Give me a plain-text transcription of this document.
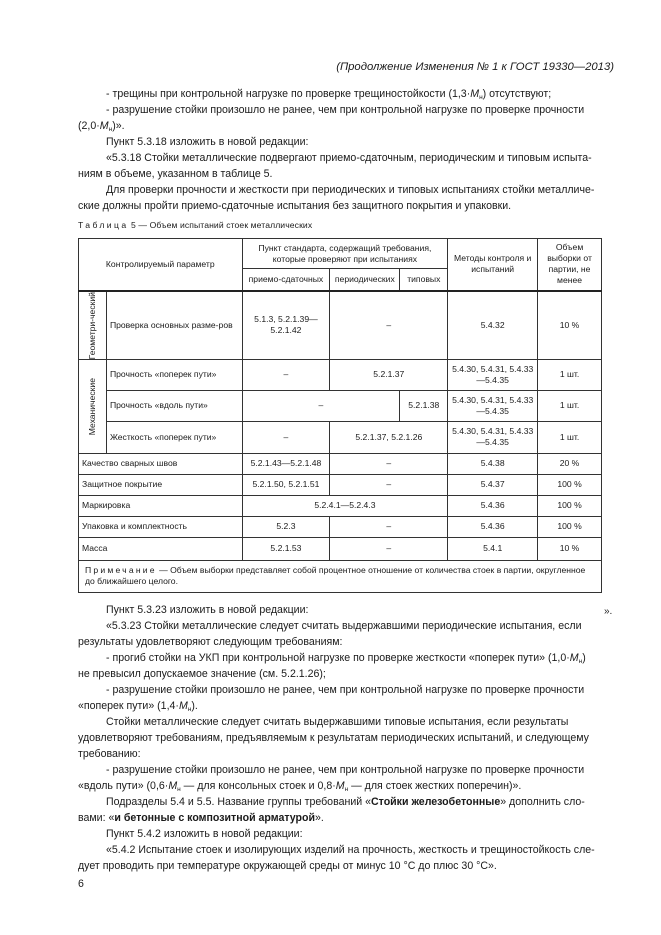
(Продолжение Изменения № 1 к ГОСТ 19330—2013)
- трещины при контрольной нагрузке по проверке трещиностойкости $(1,3\cdot M_н)$ отсутствуют;
- разрушение стойки произошло не ранее, чем при контрольной нагрузке по проверке прочности
$(2,0\cdot M_н)$».
Пункт 5.3.18 изложить в новой редакции:
«5.3.18 Стойки металлические подвергают приемо-сдаточным, периодическим и типовым испыта-
ниям в объеме, указанном в таблице 5.
Для проверки прочности и жесткости при периодических и типовых испытаниях стойки металличе-
ские должны пройти приемо-сдаточные испытания без защитного покрытия и упаковки.
Таблица 5 — Объем испытаний стоек металлических
Контролируемый параметр		Пункт стандарта, содержащий требования, которые проверяют при испытаниях			Методы контроля и испытаний	Объем выборки от партии, не менее
		приемо-сдаточных	периодических	типовых		

Геометри-ческий	Проверка основных разме-ров	5.1.3, 5.2.1.39—5.2.1.42	–		5.4.32	10 %

Механические	Прочность «поперек пути»	–	5.2.1.37		5.4.30, 5.4.31, 5.4.33—5.4.35	1 шт.
	Прочность «вдоль пути»	–		5.2.1.38	5.4.30, 5.4.31, 5.4.33—5.4.35	1 шт.
	Жесткость «поперек пути»	–	5.2.1.37, 5.2.1.26		5.4.30, 5.4.31, 5.4.33—5.4.35	1 шт.
Качество сварных швов		5.2.1.43—5.2.1.48	–		5.4.38	20 %
Защитное покрытие		5.2.1.50, 5.2.1.51	–		5.4.37	100 %
Маркировка		5.2.4.1—5.2.4.3			5.4.36	100 %
Упаковка и комплектность		5.2.3	–		5.4.36	100 %
Масса		5.2.1.53	–		5.4.1	10 %
Примечание — Объем выборки представляет собой процентное отношение от количества стоек в партии, округленное до ближайшего целого.						
».
Пункт 5.3.23 изложить в новой редакции:
«5.3.23 Стойки металлические следует считать выдержавшими периодические испытания, если
результаты удовлетворяют следующим требованиям:
- прогиб стойки на УКП при контрольной нагрузке по проверке жесткости «поперек пути» $(1,0\cdot M_н)$
не превысил допускаемое значение (см. 5.2.1.26);
- разрушение стойки произошло не ранее, чем при контрольной нагрузке по проверке прочности
«поперек пути» $(1,4\cdot M_н)$.
Стойки металлические следует считать выдержавшими типовые испытания, если результаты
удовлетворяют требованиям, предъявляемым к результатам периодических испытаний, и следующему
требованию:
- разрушение стойки произошло не ранее, чем при контрольной нагрузке по проверке прочности
«вдоль пути» ($0,6\cdot M_н$ — для консольных стоек и $0,8\cdot M_н$ — для стоек жестких поперечин)».
Подразделы 5.4 и 5.5. Название группы требований «Стойки железобетонные» дополнить сло-
вами: «и бетонные с композитной арматурой».
Пункт 5.4.2 изложить в новой редакции:
«5.4.2 Испытание стоек и изолирующих изделий на прочность, жесткость и трещиностойкость сле-
дует проводить при температуре окружающей среды от минус 10 °С до плюс 30 °С».
6
